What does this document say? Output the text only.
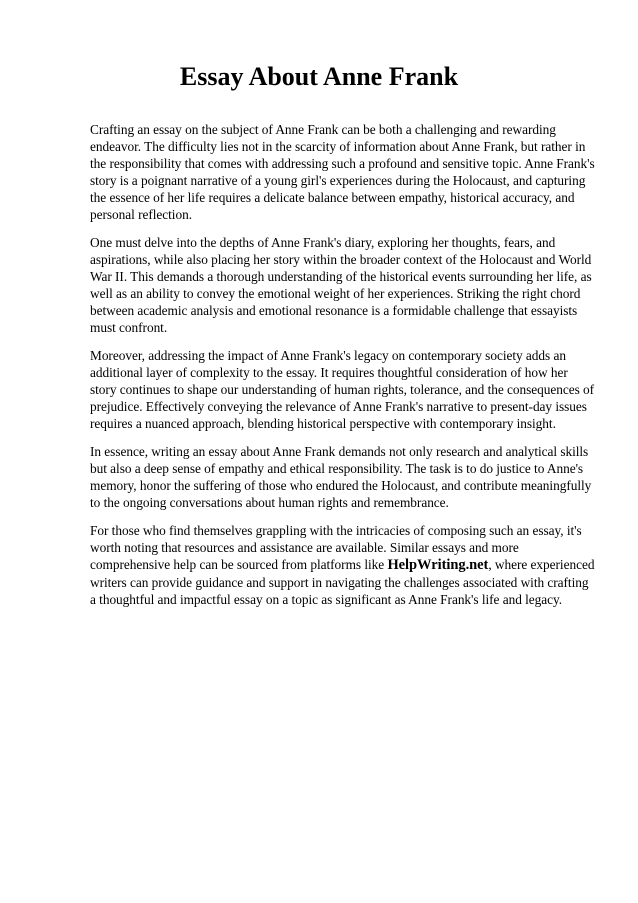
Essay About Anne Frank

Crafting an essay on the subject of Anne Frank can be both a challenging and rewarding endeavor. The difficulty lies not in the scarcity of information about Anne Frank, but rather in the responsibility that comes with addressing such a profound and sensitive topic. Anne Frank's story is a poignant narrative of a young girl's experiences during the Holocaust, and capturing the essence of her life requires a delicate balance between empathy, historical accuracy, and personal reflection.

One must delve into the depths of Anne Frank's diary, exploring her thoughts, fears, and aspirations, while also placing her story within the broader context of the Holocaust and World War II. This demands a thorough understanding of the historical events surrounding her life, as well as an ability to convey the emotional weight of her experiences. Striking the right chord between academic analysis and emotional resonance is a formidable challenge that essayists must confront.

Moreover, addressing the impact of Anne Frank's legacy on contemporary society adds an additional layer of complexity to the essay. It requires thoughtful consideration of how her story continues to shape our understanding of human rights, tolerance, and the consequences of prejudice. Effectively conveying the relevance of Anne Frank's narrative to present-day issues requires a nuanced approach, blending historical perspective with contemporary insight.

In essence, writing an essay about Anne Frank demands not only research and analytical skills but also a deep sense of empathy and ethical responsibility. The task is to do justice to Anne's memory, honor the suffering of those who endured the Holocaust, and contribute meaningfully to the ongoing conversations about human rights and remembrance.

For those who find themselves grappling with the intricacies of composing such an essay, it's worth noting that resources and assistance are available. Similar essays and more comprehensive help can be sourced from platforms like HelpWriting.net, where experienced writers can provide guidance and support in navigating the challenges associated with crafting a thoughtful and impactful essay on a topic as significant as Anne Frank's life and legacy.
